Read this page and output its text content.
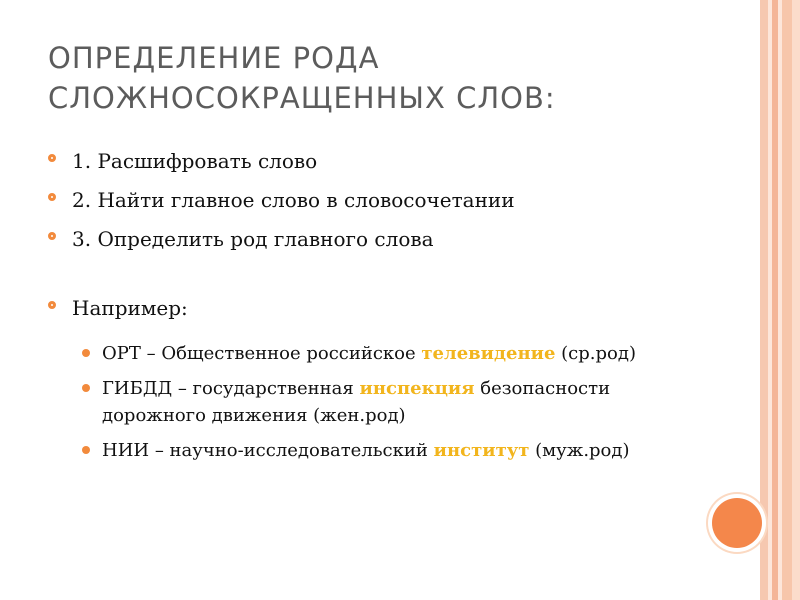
ОПРЕДЕЛЕНИЕ РОДА
СЛОЖНОСОКРАЩЕННЫХ СЛОВ:
1. Расшифровать слово
2. Найти главное слово в словосочетании
3. Определить род главного слова
Например:
ОРТ – Общественное российское телевидение (ср.род)
ГИБДД – государственная инспекция безопасности дорожного движения (жен.род)
НИИ – научно-исследовательский институт (муж.род)
